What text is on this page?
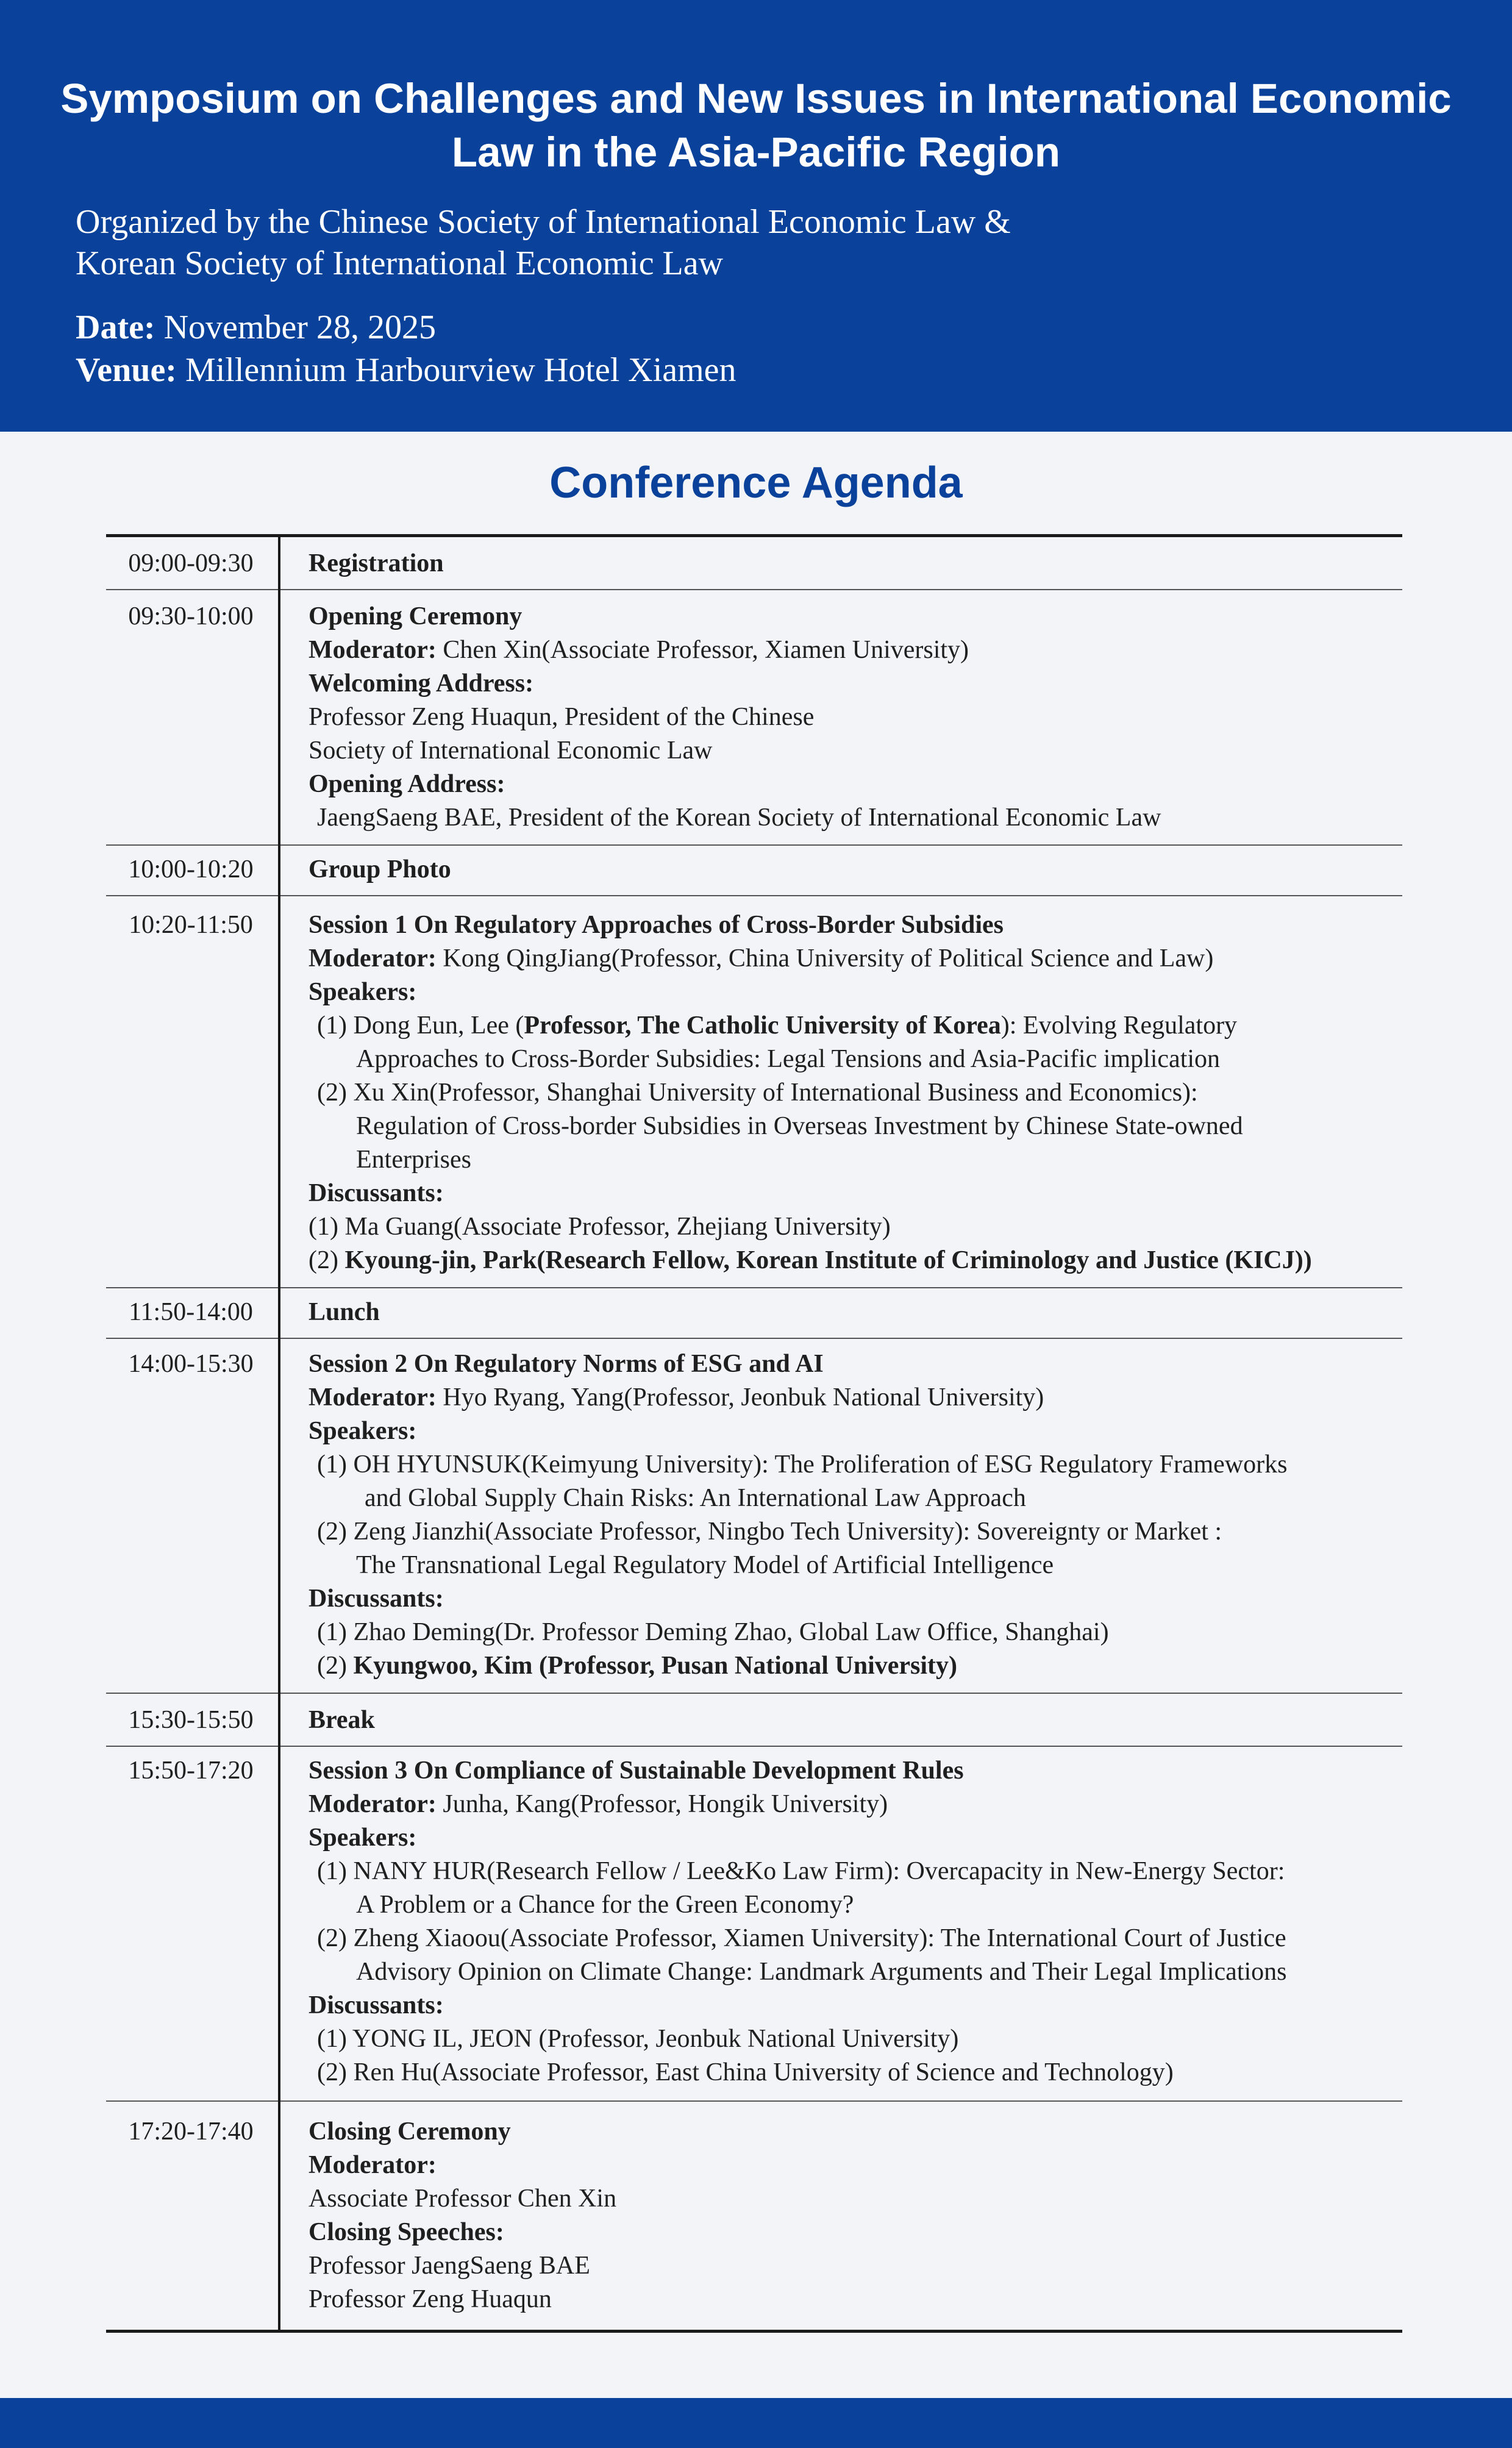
Symposium on Challenges and New Issues in International Economic Law in the Asia-Pacific Region
Organized by the Chinese Society of International Economic Law &
Korean Society of International Economic Law
Date: November 28, 2025
Venue: Millennium Harbourview Hotel Xiamen
Conference Agenda
09:00-09:30	Registration
09:30-10:00	Opening Ceremony
Moderator: Chen Xin(Associate Professor, Xiamen University)
Welcoming Address:
Professor Zeng Huaqun, President of the Chinese
Society of International Economic Law
Opening Address:
JaengSaeng BAE, President of the Korean Society of International Economic Law
10:00-10:20	Group Photo
10:20-11:50	Session 1 On Regulatory Approaches of Cross-Border Subsidies
Moderator: Kong QingJiang(Professor, China University of Political Science and Law)
Speakers:
(1) Dong Eun, Lee (Professor, The Catholic University of Korea): Evolving Regulatory
Approaches to Cross-Border Subsidies: Legal Tensions and Asia-Pacific implication
(2) Xu Xin(Professor, Shanghai University of International Business and Economics):
Regulation of Cross-border Subsidies in Overseas Investment by Chinese State-owned
Enterprises
Discussants:
(1) Ma Guang(Associate Professor, Zhejiang University)
(2) Kyoung-jin, Park(Research Fellow, Korean Institute of Criminology and Justice (KICJ))
11:50-14:00	Lunch
14:00-15:30	Session 2 On Regulatory Norms of ESG and AI
Moderator: Hyo Ryang, Yang(Professor, Jeonbuk National University)
Speakers:
(1) OH HYUNSUK(Keimyung University): The Proliferation of ESG Regulatory Frameworks
and Global Supply Chain Risks: An International Law Approach
(2) Zeng Jianzhi(Associate Professor, Ningbo Tech University): Sovereignty or Market :
The Transnational Legal Regulatory Model of Artificial Intelligence
Discussants:
(1) Zhao Deming(Dr. Professor Deming Zhao, Global Law Office, Shanghai)
(2) Kyungwoo, Kim (Professor, Pusan National University)
15:30-15:50	Break
15:50-17:20	Session 3 On Compliance of Sustainable Development Rules
Moderator: Junha, Kang(Professor, Hongik University)
Speakers:
(1) NANY HUR(Research Fellow / Lee&Ko Law Firm): Overcapacity in New-Energy Sector:
A Problem or a Chance for the Green Economy?
(2) Zheng Xiaoou(Associate Professor, Xiamen University): The International Court of Justice
Advisory Opinion on Climate Change: Landmark Arguments and Their Legal Implications
Discussants:
(1) YONG IL, JEON (Professor, Jeonbuk National University)
(2) Ren Hu(Associate Professor, East China University of Science and Technology)
17:20-17:40	Closing Ceremony
Moderator:
Associate Professor Chen Xin
Closing Speeches:
Professor JaengSaeng BAE
Professor Zeng Huaqun
